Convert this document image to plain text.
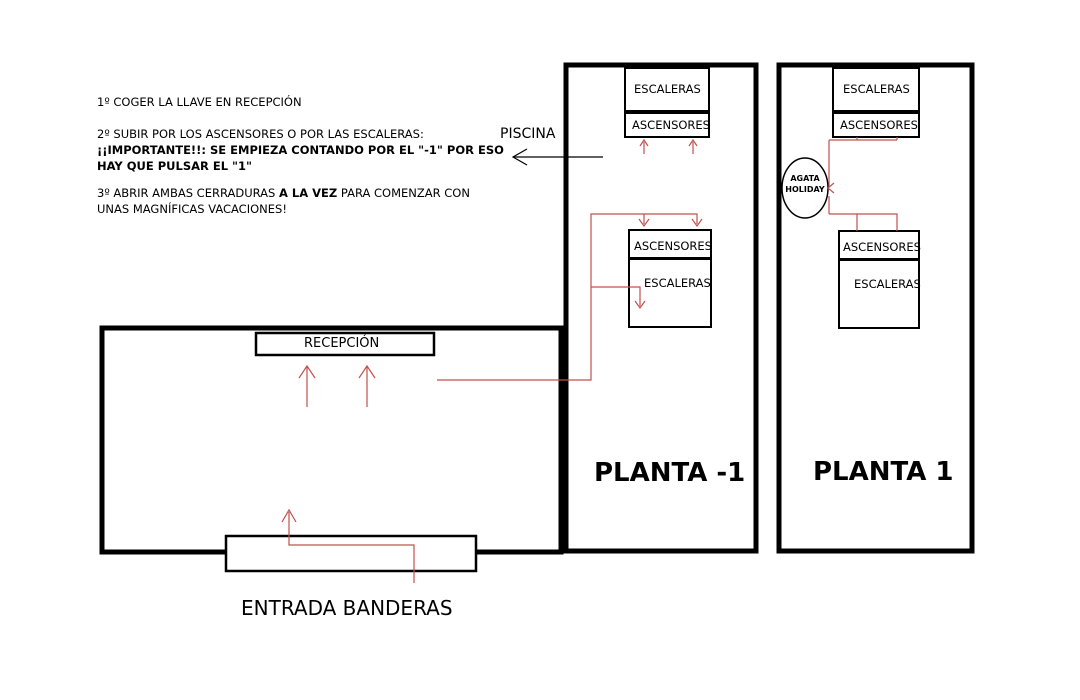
1º COGER LA LLAVE EN RECEPCIÓN
2º SUBIR POR LOS ASCENSORES O POR LAS ESCALERAS:
¡¡IMPORTANTE!!: SE EMPIEZA CONTANDO POR EL "-1" POR ESO
HAY QUE PULSAR EL "1"
3º ABRIR AMBAS CERRADURAS A LA VEZ PARA COMENZAR CON
UNAS MAGNÍFICAS VACACIONES!
PISCINA
RECEPCIÓN
ENTRADA BANDERAS
ESCALERAS
ASCENSORES
ASCENSORES
ESCALERAS
ESCALERAS
ASCENSORES
ASCENSORES
ESCALERAS
AGATA
HOLIDAY
PLANTA -1	PLANTA 1
